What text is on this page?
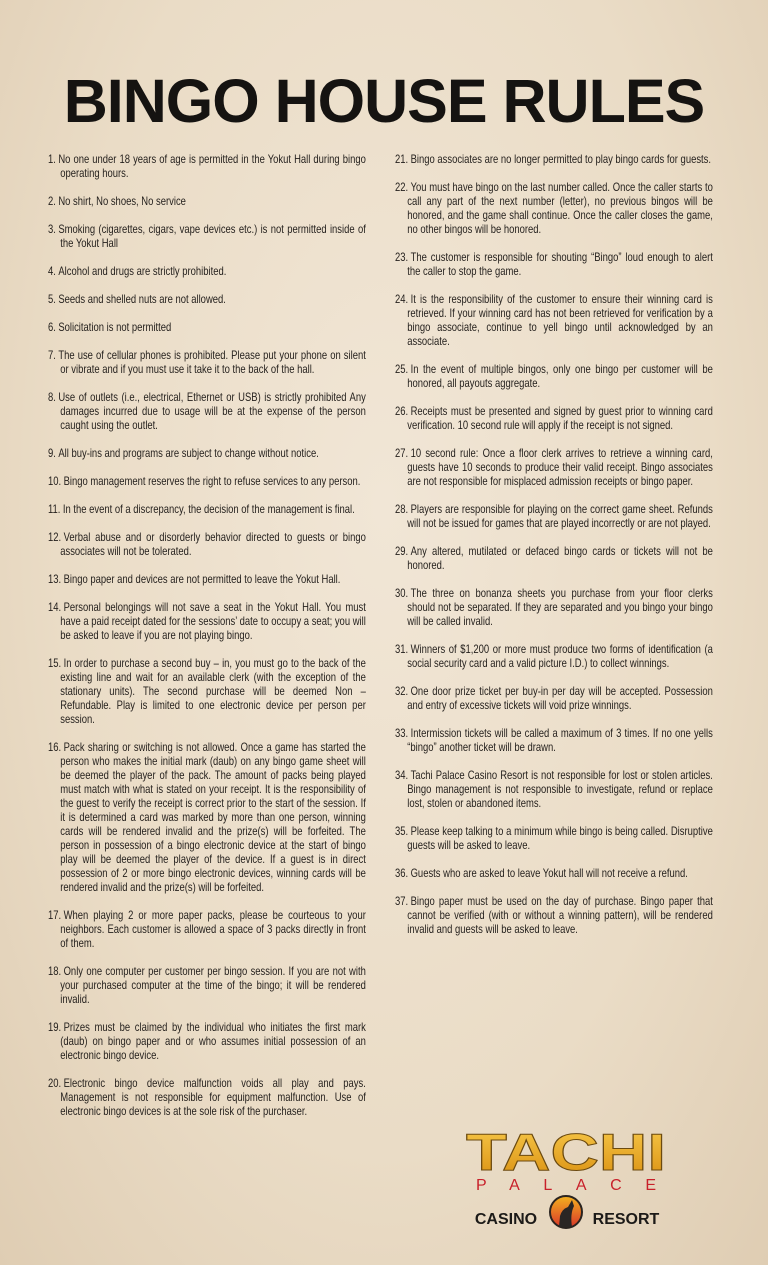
BINGO HOUSE RULES
1. No one under 18 years of age is permitted in the Yokut Hall during bingo operating hours.
2. No shirt, No shoes, No service
3. Smoking (cigarettes, cigars, vape devices etc.) is not permitted inside of the Yokut Hall
4. Alcohol and drugs are strictly prohibited.
5. Seeds and shelled nuts are not allowed.
6. Solicitation is not permitted
7. The use of cellular phones is prohibited. Please put your phone on silent or vibrate and if you must use it take it to the back of the hall.
8. Use of outlets (i.e., electrical, Ethernet or USB) is strictly prohibited Any damages incurred due to usage will be at the expense of the person caught using the outlet.
9. All buy-ins and programs are subject to change without notice.
10. Bingo management reserves the right to refuse services to any person.
11. In the event of a discrepancy, the decision of the management is final.
12. Verbal abuse and or disorderly behavior directed to guests or bingo associates will not be tolerated.
13. Bingo paper and devices are not permitted to leave the Yokut Hall.
14. Personal belongings will not save a seat in the Yokut Hall. You must have a paid receipt dated for the sessions’ date to occupy a seat; you will be asked to leave if you are not playing bingo.
15. In order to purchase a second buy – in, you must go to the back of the existing line and wait for an available clerk (with the exception of the stationary units). The second purchase will be deemed Non – Refundable. Play is limited to one electronic device per person per session.
16. Pack sharing or switching is not allowed. Once a game has started the person who makes the initial mark (daub) on any bingo game sheet will be deemed the player of the pack. The amount of packs being played must match with what is stated on your receipt. It is the responsibility of the guest to verify the receipt is correct prior to the start of the session. If it is determined a card was marked by more than one person, winning cards will be rendered invalid and the prize(s) will be forfeited. The person in possession of a bingo electronic device at the start of bingo play will be deemed the player of the device. If a guest is in direct possession of 2 or more bingo electronic devices, winning cards will be rendered invalid and the prize(s) will be forfeited.
17. When playing 2 or more paper packs, please be courteous to your neighbors. Each customer is allowed a space of 3 packs directly in front of them.
18. Only one computer per customer per bingo session. If you are not with your purchased computer at the time of the bingo; it will be rendered invalid.
19. Prizes must be claimed by the individual who initiates the first mark (daub) on bingo paper and or who assumes initial possession of an electronic bingo device.
20. Electronic bingo device malfunction voids all play and pays. Management is not responsible for equipment malfunction. Use of electronic bingo devices is at the sole risk of the purchaser.
21. Bingo associates are no longer permitted to play bingo cards for guests.
22. You must have bingo on the last number called. Once the caller starts to call any part of the next number (letter), no previous bingos will be honored, and the game shall continue. Once the caller closes the game, no other bingos will be honored.
23. The customer is responsible for shouting “Bingo” loud enough to alert the caller to stop the game.
24. It is the responsibility of the customer to ensure their winning card is retrieved. If your winning card has not been retrieved for verification by a bingo associate, continue to yell bingo until acknowledged by an associate.
25. In the event of multiple bingos, only one bingo per customer will be honored, all payouts aggregate.
26. Receipts must be presented and signed by guest prior to winning card verification. 10 second rule will apply if the receipt is not signed.
27. 10 second rule: Once a floor clerk arrives to retrieve a winning card, guests have 10 seconds to produce their valid receipt. Bingo associates are not responsible for misplaced admission receipts or bingo paper.
28. Players are responsible for playing on the correct game sheet. Refunds will not be issued for games that are played incorrectly or are not played.
29. Any altered, mutilated or defaced bingo cards or tickets will not be honored.
30. The three on bonanza sheets you purchase from your floor clerks should not be separated. If they are separated and you bingo your bingo will be called invalid.
31. Winners of $1,200 or more must produce two forms of identification (a social security card and a valid picture I.D.) to collect winnings.
32. One door prize ticket per buy-in per day will be accepted. Possession and entry of excessive tickets will void prize winnings.
33. Intermission tickets will be called a maximum of 3 times. If no one yells “bingo” another ticket will be drawn.
34. Tachi Palace Casino Resort is not responsible for lost or stolen articles. Bingo management is not responsible to investigate, refund or replace lost, stolen or abandoned items.
35. Please keep talking to a minimum while bingo is being called. Disruptive guests will be asked to leave.
36. Guests who are asked to leave Yokut hall will not receive a refund.
37. Bingo paper must be used on the day of purchase. Bingo paper that cannot be verified (with or without a winning pattern), will be rendered invalid and guests will be asked to leave.
TACHI
PALACE
CASINO	RESORT
